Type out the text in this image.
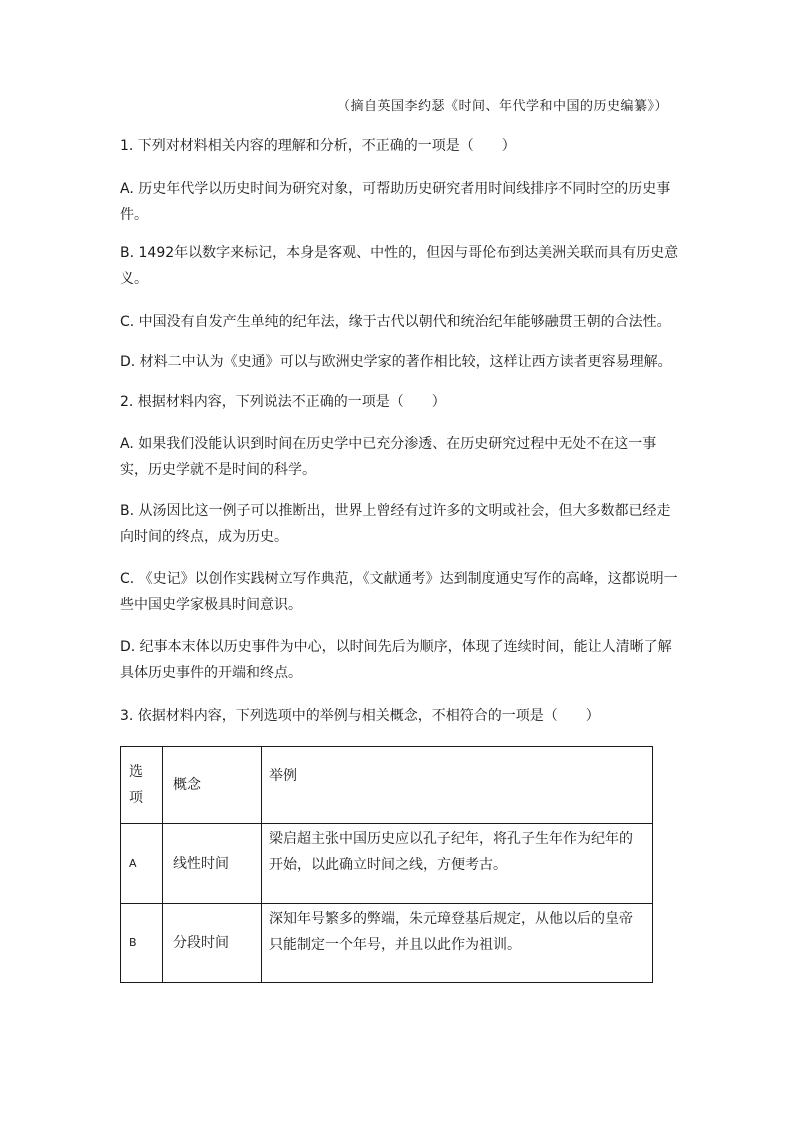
（摘自英国李约瑟《时间、年代学和中国的历史编纂》）

1. 下列对材料相关内容的理解和分析，不正确的一项是（　　）

A. 历史年代学以历史时间为研究对象，可帮助历史研究者用时间线排序不同时空的历史事件。

B. 1492年以数字来标记，本身是客观、中性的，但因与哥伦布到达美洲关联而具有历史意义。

C. 中国没有自发产生单纯的纪年法，缘于古代以朝代和统治纪年能够融贯王朝的合法性。

D. 材料二中认为《史通》可以与欧洲史学家的著作相比较，这样让西方读者更容易理解。

2. 根据材料内容，下列说法不正确的一项是（　　）

A. 如果我们没能认识到时间在历史学中已充分渗透、在历史研究过程中无处不在这一事实，历史学就不是时间的科学。

B. 从汤因比这一例子可以推断出，世界上曾经有过许多的文明或社会，但大多数都已经走向时间的终点，成为历史。

C. 《史记》以创作实践树立写作典范，《文献通考》达到制度通史写作的高峰，这都说明一些中国史学家极具时间意识。

D. 纪事本末体以历史事件为中心，以时间先后为顺序，体现了连续时间，能让人清晰了解具体历史事件的开端和终点。

3. 依据材料内容，下列选项中的举例与相关概念，不相符合的一项是（　　）

选项	概念	举例

A	线性时间	梁启超主张中国历史应以孔子纪年，将孔子生年作为纪年的开始，以此确立时间之线，方便考古。

B	分段时间	深知年号繁多的弊端，朱元璋登基后规定，从他以后的皇帝只能制定一个年号，并且以此作为祖训。
